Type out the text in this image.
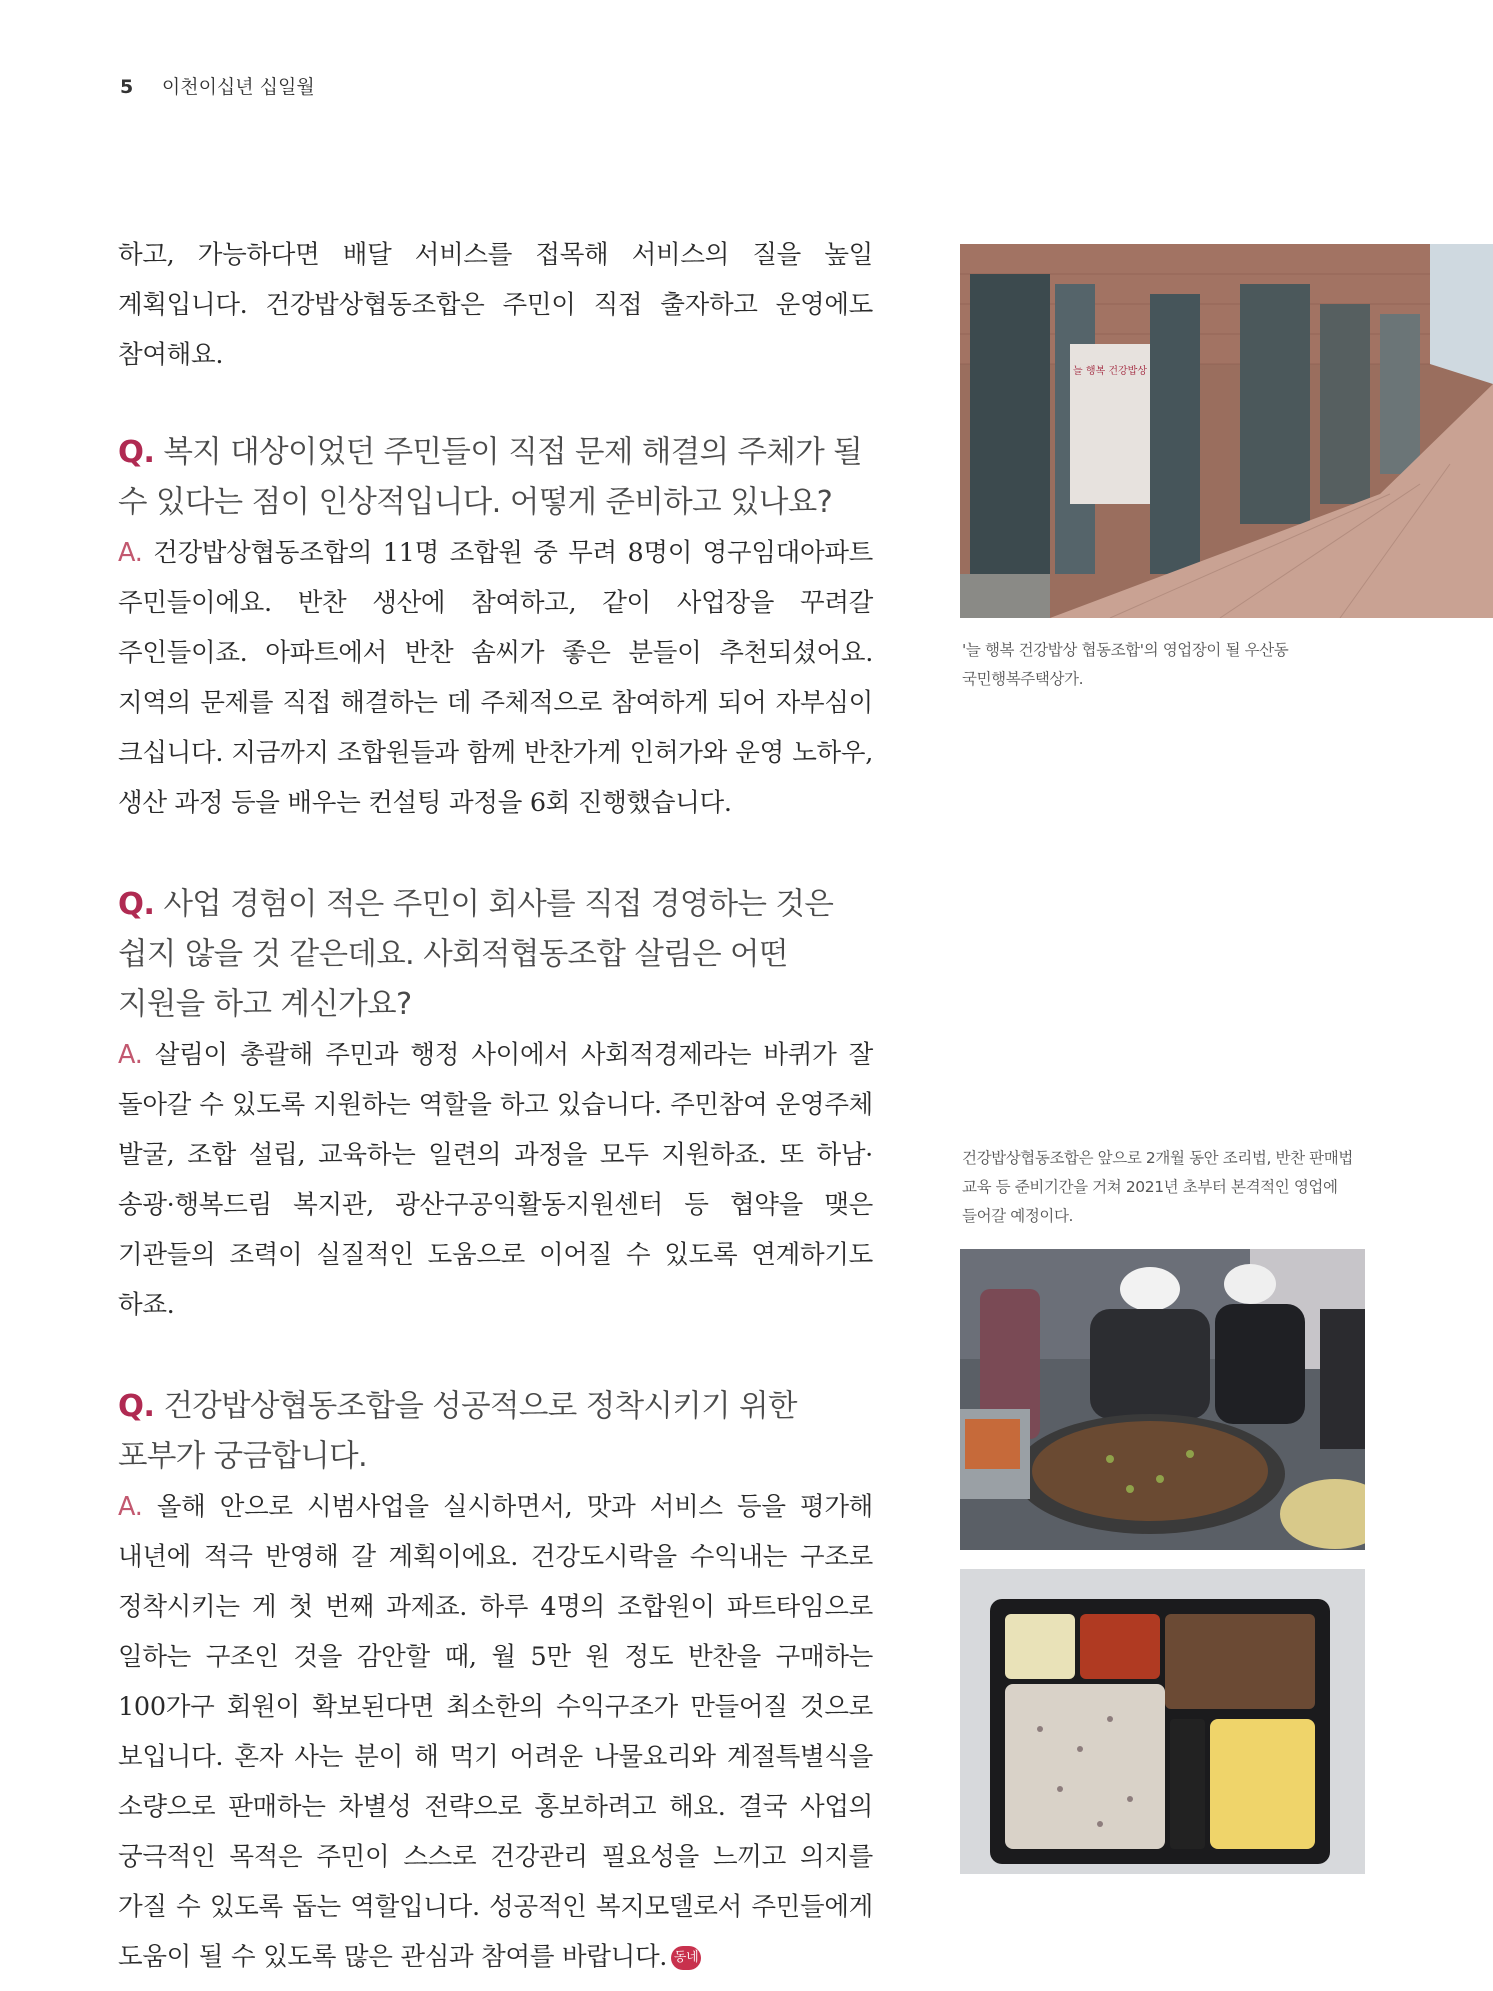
5 이천이십년 십일월

하고, 가능하다면 배달 서비스를 접목해 서비스의 질을 높일 계획입니다. 건강밥상협동조합은 주민이 직접 출자하고 운영에도 참여해요.

Q. 복지 대상이었던 주민들이 직접 문제 해결의 주체가 될 수 있다는 점이 인상적입니다. 어떻게 준비하고 있나요?

A. 건강밥상협동조합의 11명 조합원 중 무려 8명이 영구임대아파트 주민들이에요. 반찬 생산에 참여하고, 같이 사업장을 꾸려갈 주인들이죠. 아파트에서 반찬 솜씨가 좋은 분들이 추천되셨어요. 지역의 문제를 직접 해결하는 데 주체적으로 참여하게 되어 자부심이 크십니다. 지금까지 조합원들과 함께 반찬가게 인허가와 운영 노하우, 생산 과정 등을 배우는 컨설팅 과정을 6회 진행했습니다.

Q. 사업 경험이 적은 주민이 회사를 직접 경영하는 것은 쉽지 않을 것 같은데요. 사회적협동조합 살림은 어떤 지원을 하고 계신가요?

A. 살림이 총괄해 주민과 행정 사이에서 사회적경제라는 바퀴가 잘 돌아갈 수 있도록 지원하는 역할을 하고 있습니다. 주민참여 운영주체 발굴, 조합 설립, 교육하는 일련의 과정을 모두 지원하죠. 또 하남·송광·행복드림 복지관, 광산구공익활동지원센터 등 협약을 맺은 기관들의 조력이 실질적인 도움으로 이어질 수 있도록 연계하기도 하죠.

Q. 건강밥상협동조합을 성공적으로 정착시키기 위한 포부가 궁금합니다.

A. 올해 안으로 시범사업을 실시하면서, 맛과 서비스 등을 평가해 내년에 적극 반영해 갈 계획이에요. 건강도시락을 수익내는 구조로 정착시키는 게 첫 번째 과제죠. 하루 4명의 조합원이 파트타임으로 일하는 구조인 것을 감안할 때, 월 5만 원 정도 반찬을 구매하는 100가구 회원이 확보된다면 최소한의 수익구조가 만들어질 것으로 보입니다. 혼자 사는 분이 해 먹기 어려운 나물요리와 계절특별식을 소량으로 판매하는 차별성 전략으로 홍보하려고 해요. 결국 사업의 궁극적인 목적은 주민이 스스로 건강관리 필요성을 느끼고 의지를 가질 수 있도록 돕는 역할입니다. 성공적인 복지모델로서 주민들에게 도움이 될 수 있도록 많은 관심과 참여를 바랍니다. 동네

늘 행복 건강밥상
'늘 행복 건강밥상 협동조합'의 영업장이 될 우산동 국민행복주택상가.
건강밥상협동조합은 앞으로 2개월 동안 조리법, 반찬 판매법 교육 등 준비기간을 거쳐 2021년 초부터 본격적인 영업에 들어갈 예정이다.
